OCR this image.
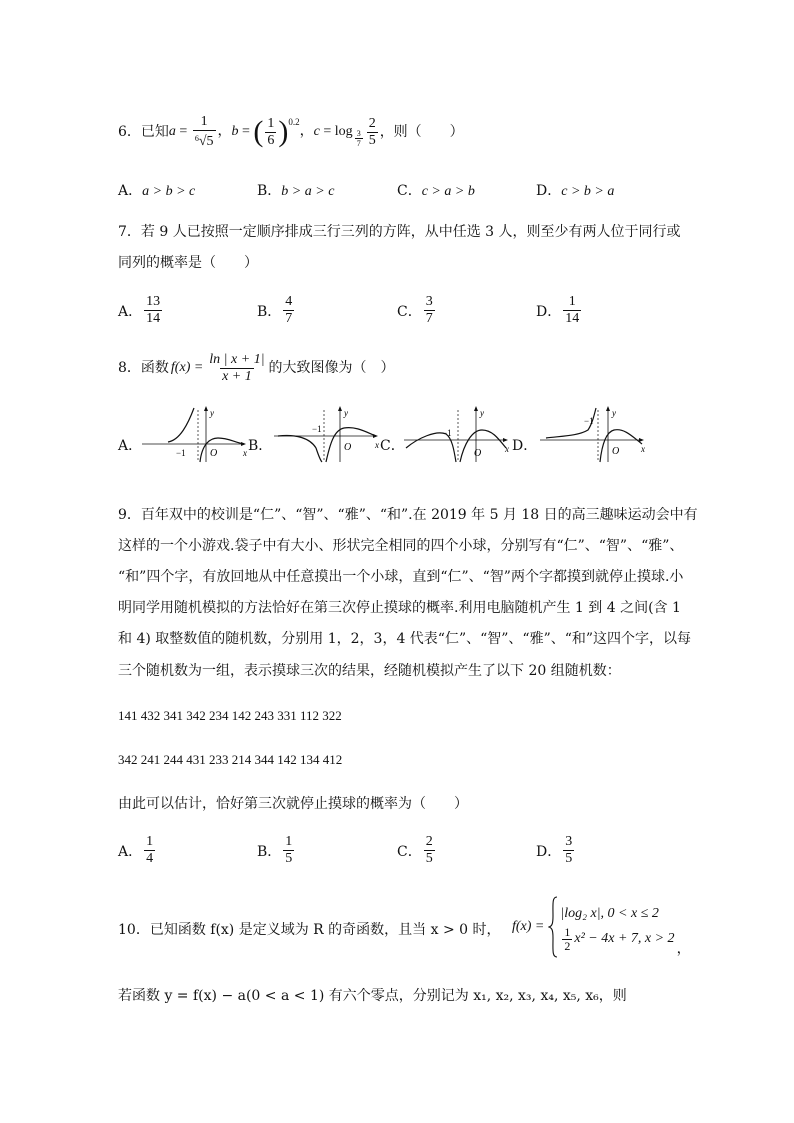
6． 已知 $a = \frac{1}{^6√5}$ ， b = ( $\frac{1}{6}$ ) 0.2
， $c = \log \frac{3}{7} \frac{2}{5}$ ，则（　　）
A．a > b > c	B．b > a > c	C．c > a > b	D．c > b > a
7．若 9 人已按照一定顺序排成三行三列的方阵，从中任选 3 人，则至少有两人位于同行或
同列的概率是（　　）
A． $\frac{13}{14}$	B． $\frac{4}{7}$	C． $\frac{3}{7}$	D． $\frac{1}{14}$
8． 函数 $f(x) = \frac{\ln | x + 1|}{x + 1}$ 的大致图像为（　）
A．
y
x
O
−1	B．
y
x
O
−1
C．
y
x
O
−1
D．
y
x
O
−1
9．百年双中的校训是“仁”、“智”、“雅”、“和”.在 2019 年 5 月 18 日的高三趣味运动会中有
这样的一个小游戏.袋子中有大小、形状完全相同的四个小球，分别写有“仁”、“智”、“雅”、
“和”四个字，有放回地从中任意摸出一个小球，直到“仁”、“智”两个字都摸到就停止摸球.小
明同学用随机模拟的方法恰好在第三次停止摸球的概率.利用电脑随机产生 1 到 4 之间(含 1
和 4) 取整数值的随机数，分别用 1，2，3，4 代表“仁”、“智”、“雅”、“和”这四个字，以每
三个随机数为一组，表示摸球三次的结果，经随机模拟产生了以下 20 组随机数：
141 432 341 342 234 142 243 331 112 322
342 241 244 431 233 214 344 142 134 412
由此可以估计，恰好第三次就停止摸球的概率为（　　）
A． $\frac{1}{4}$	B． $\frac{1}{5}$	C． $\frac{2}{5}$	D． $\frac{3}{5}$
10．已知函数 f(x) 是定义域为 R 的奇函数，且当 x > 0 时， f(x) =
|log₂ x|, 0 < x ≤ 2
$\frac{1}{2} x^2 - 4x + 7$, x > 2
，
若函数 y = f(x) − a(0 < a < 1) 有六个零点，分别记为 x₁, x₂, x₃, x₄, x₅, x₆，则
